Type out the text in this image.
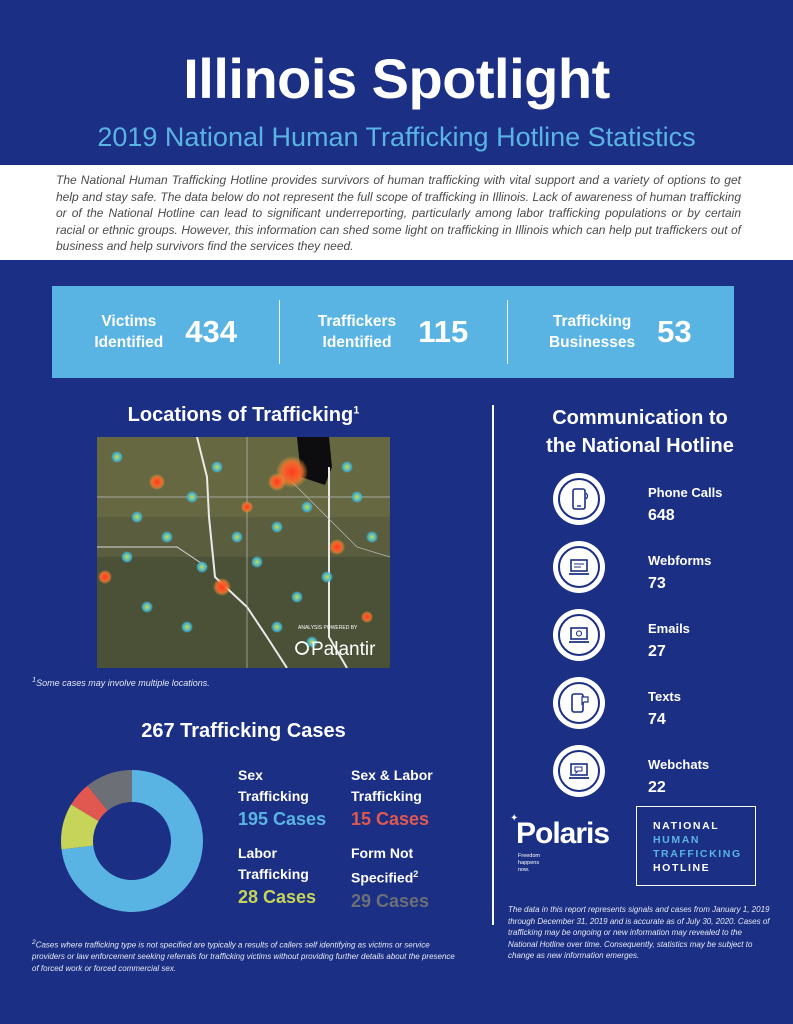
Illinois Spotlight
2019 National Human Trafficking Hotline Statistics

The National Human Trafficking Hotline provides survivors of human trafficking with vital support and a variety of options to get help and stay safe. The data below do not represent the full scope of trafficking in Illinois. Lack of awareness of human trafficking or of the National Hotline can lead to significant underreporting, particularly among labor trafficking populations or by certain racial or ethnic groups. However, this information can shed some light on trafficking in Illinois which can help put traffickers out of business and help survivors find the services they need.

Victims
Identified 434	Traffickers
Identified 115	Trafficking
Businesses 53
Locations of Trafficking$^1$
ANALYSIS POWERED BY
Palantir
$^1$Some cases may involve multiple locations.
267 Trafficking Cases
Sex
Trafficking
195 Cases
Sex & Labor
Trafficking
15 Cases
Labor
Trafficking
28 Cases
Form Not
Specified$^2$
29 Cases
$^2$Cases where trafficking type is not specified are typically a results of callers self identifying as victims or service providers or law enforcement seeking referrals for trafficking victims without providing further details about the presence of forced work or forced commercial sex.
Communication to
the National Hotline
Phone Calls
648
Webforms
73
Emails
27
Texts
74
Webchats
22
✦
Polaris
Freedom
happens
now.
NATIONAL
HUMAN
TRAFFICKING
HOTLINE
The data in this report represents signals and cases from January 1, 2019 through December 31, 2019 and is accurate as of July 30, 2020. Cases of trafficking may be ongoing or new information may revealed to the National Hotline over time. Consequently, statistics may be subject to change as new information emerges.
